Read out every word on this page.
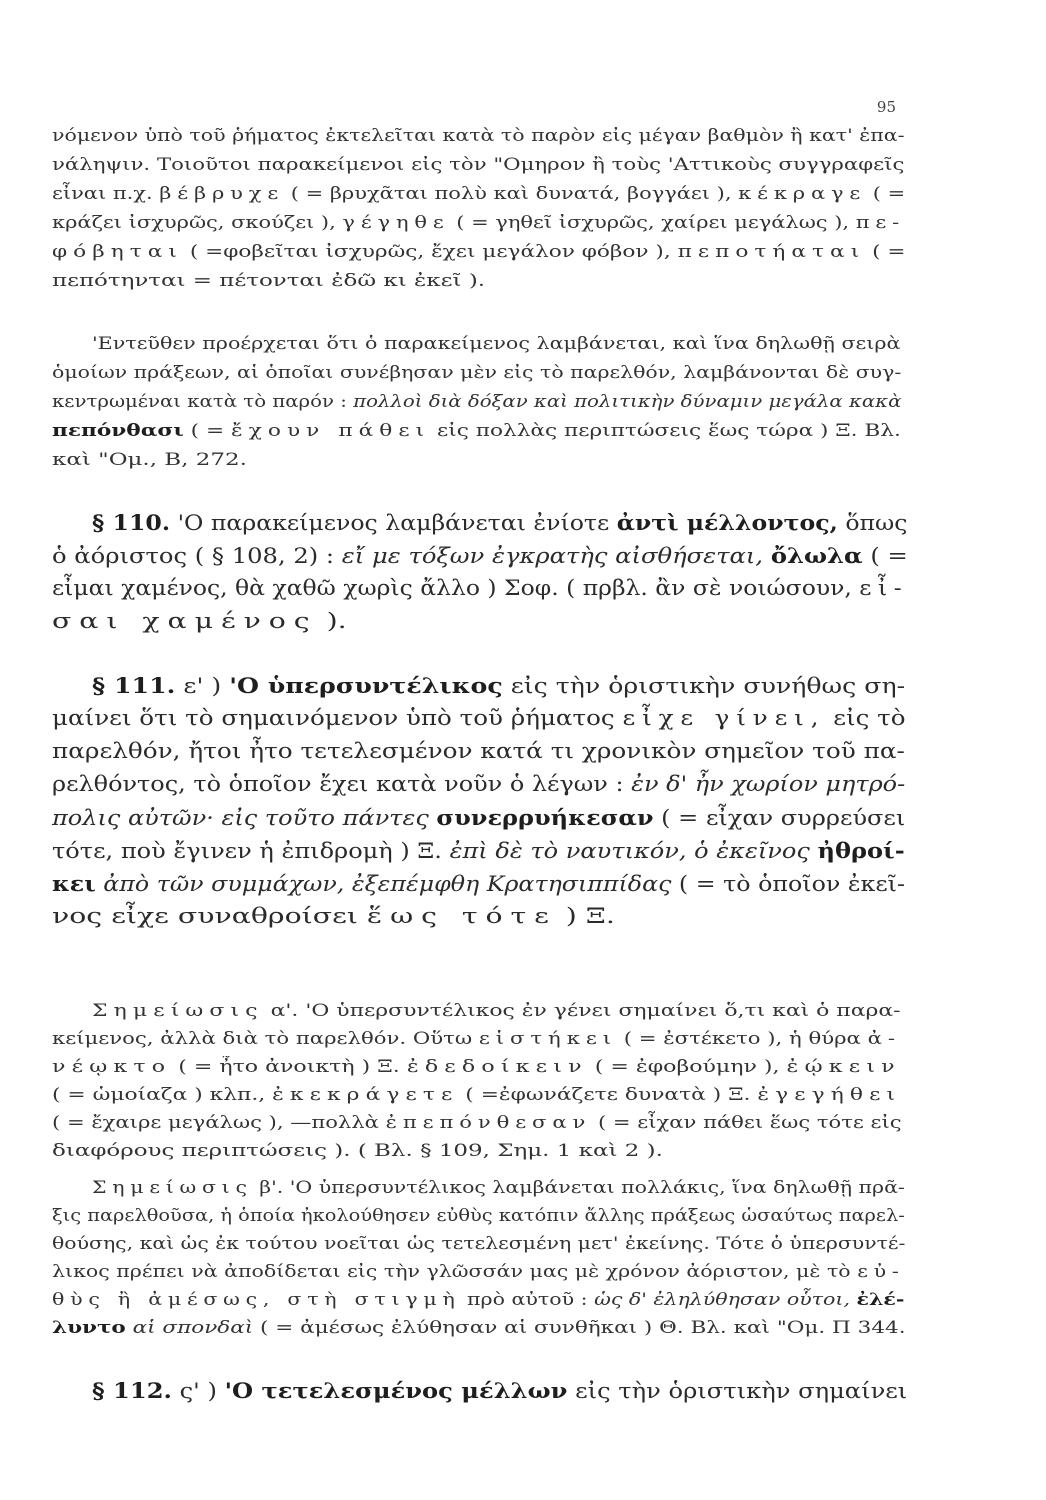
95
νόμενον ὑπὸ τοῦ ῥήματος ἐκτελεῖται κατὰ τὸ παρὸν εἰς μέγαν βαθμὸν ἢ κατ' ἐπα-
νάληψιν. Τοιοῦτοι παρακείμενοι εἰς τὸν "Ομηρον ἢ τοὺς 'Αττικοὺς συγγραφεῖς
εἶναι π.χ. βέβρυχε ( = βρυχᾶται πολὺ καὶ δυνατά, βογγάει ), κέκραγε ( =
κράζει ἰσχυρῶς, σκούζει ), γέγηθε ( = γηθεῖ ἰσχυρῶς, χαίρει μεγάλως ), πε-
φόβηται ( =φοβεῖται ἰσχυρῶς, ἔχει μεγάλον φόβον ), πεποτήαται ( =
πεπότηνται = πέτονται ἐδῶ κι ἐκεῖ ).
'Εντεῦθεν προέρχεται ὅτι ὁ παρακείμενος λαμβάνεται, καὶ ἵνα δηλωθῇ σειρὰ
ὁμοίων πράξεων, αἱ ὁποῖαι συνέβησαν μὲν εἰς τὸ παρελθόν, λαμβάνονται δὲ συγ-
κεντρωμέναι κατὰ τὸ παρόν : πολλοὶ διὰ δόξαν καὶ πολιτικὴν δύναμιν μεγάλα κακὰ
πεπόνθασι ( = ἔχουν πάθει εἰς πολλὰς περιπτώσεις ἕως τώρα ) Ξ. Βλ.
καὶ "Ομ., Β, 272.
§ 110. 'Ο παρακείμενος λαμβάνεται ἐνίοτε ἀντὶ μέλλοντος, ὅπως
ὁ ἀόριστος ( § 108, 2) : εἴ με τόξων ἐγκρατὴς αἰσθήσεται, ὄλωλα ( =
εἶμαι χαμένος, θὰ χαθῶ χωρὶς ἄλλο ) Σοφ. ( πρβλ. ἂν σὲ νοιώσουν, εἶ-
σαι χαμένος ).
§ 111. ε' ) 'Ο ὑπερσυντέλικος εἰς τὴν ὁριστικὴν συνήθως ση-
μαίνει ὅτι τὸ σημαινόμενον ὑπὸ τοῦ ῥήματος εἶχε γίνει, εἰς τὸ
παρελθόν, ἤτοι ἦτο τετελεσμένον κατά τι χρονικὸν σημεῖον τοῦ πα-
ρελθόντος, τὸ ὁποῖον ἔχει κατὰ νοῦν ὁ λέγων : ἐν δ' ἦν χωρίον μητρό-
πολις αὐτῶν· εἰς τοῦτο πάντες συνερρυήκεσαν ( = εἶχαν συρρεύσει
τότε, ποὺ ἔγινεν ἡ ἐπιδρομὴ ) Ξ. ἐπὶ δὲ τὸ ναυτικόν, ὁ ἐκεῖνος ἠθροί-
κει ἀπὸ τῶν συμμάχων, ἐξεπέμφθη Κρατησιππίδας ( = τὸ ὁποῖον ἐκεῖ-
νος εἶχε συναθροίσει ἕως τότε ) Ξ.
Σημείωσις α'. 'Ο ὑπερσυντέλικος ἐν γένει σημαίνει ὅ,τι καὶ ὁ παρα-
κείμενος, ἀλλὰ διὰ τὸ παρελθόν. Οὕτω εἱστήκει ( = ἐστέκετο ), ἡ θύρα ἀ-
νέῳκτο ( = ἦτο ἀνοικτὴ ) Ξ. ἐδεδοίκειν ( = ἐφοβούμην ), ἐῴκειν
( = ὡμοίαζα ) κλπ., ἐκεκράγετε ( =ἐφωνάζετε δυνατὰ ) Ξ. ἐγεγήθει
( = ἔχαιρε μεγάλως ), —πολλὰ ἐπεπόνθεσαν ( = εἶχαν πάθει ἕως τότε εἰς
διαφόρους περιπτώσεις ). ( Βλ. § 109, Σημ. 1 καὶ 2 ).
Σημείωσις β'. 'Ο ὑπερσυντέλικος λαμβάνεται πολλάκις, ἵνα δηλωθῇ πρᾶ-
ξις παρελθοῦσα, ἡ ὁποία ἠκολούθησεν εὐθὺς κατόπιν ἄλλης πράξεως ὡσαύτως παρελ-
θούσης, καὶ ὡς ἐκ τούτου νοεῖται ὡς τετελεσμένη μετ' ἐκείνης. Τότε ὁ ὑπερσυντέ-
λικος πρέπει νὰ ἀποδίδεται εἰς τὴν γλῶσσάν μας μὲ χρόνον ἀόριστον, μὲ τὸ εὐ-
θὺς ἢ ἀμέσως, στὴ στιγμὴ πρὸ αὐτοῦ : ὡς δ' ἐληλύθησαν οὗτοι, ἐλέ-
λυντο αἱ σπονδαὶ ( = ἀμέσως ἐλύθησαν αἱ συνθῆκαι ) Θ. Βλ. καὶ "Ομ. Π 344.
§ 112. ς' ) 'Ο τετελεσμένος μέλλων εἰς τὴν ὁριστικὴν σημαίνει
